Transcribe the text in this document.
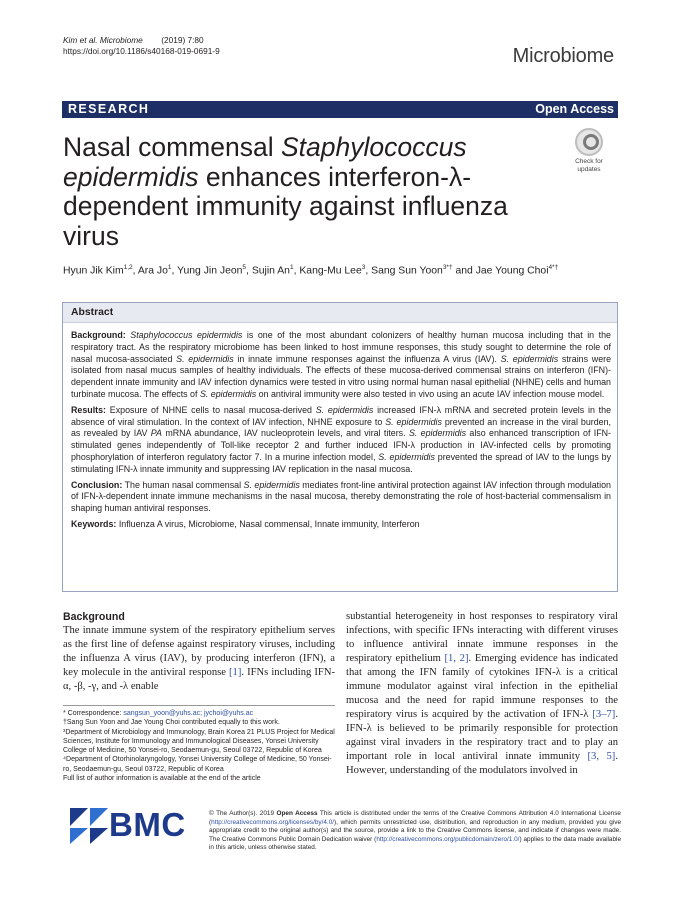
Kim et al. Microbiome (2019) 7:80
https://doi.org/10.1186/s40168-019-0691-9	Microbiome
RESEARCH	Open Access
Nasal commensal Staphylococcus epidermidis enhances interferon-λ-dependent immunity against influenza virus
Check for
updates
Hyun Jik Kim$^{1,2}$, Ara Jo$^1$, Yung Jin Jeon$^5$, Sujin An$^1$, Kang-Mu Lee$^3$, Sang Sun Yoon$^{3*\dagger}$ and Jae Young Choi$^{4*\dagger}$
Abstract

Background: Staphylococcus epidermidis is one of the most abundant colonizers of healthy human mucosa including that in the respiratory tract. As the respiratory microbiome has been linked to host immune responses, this study sought to determine the role of nasal mucosa-associated S. epidermidis in innate immune responses against the influenza A virus (IAV). S. epidermidis strains were isolated from nasal mucus samples of healthy individuals. The effects of these mucosa-derived commensal strains on interferon (IFN)-dependent innate immunity and IAV infection dynamics were tested in vitro using normal human nasal epithelial (NHNE) cells and human turbinate mucosa. The effects of S. epidermidis on antiviral immunity were also tested in vivo using an acute IAV infection mouse model.

Results: Exposure of NHNE cells to nasal mucosa-derived S. epidermidis increased IFN-λ mRNA and secreted protein levels in the absence of viral stimulation. In the context of IAV infection, NHNE exposure to S. epidermidis prevented an increase in the viral burden, as revealed by IAV PA mRNA abundance, IAV nucleoprotein levels, and viral titers. S. epidermidis also enhanced transcription of IFN-stimulated genes independently of Toll-like receptor 2 and further induced IFN-λ production in IAV-infected cells by promoting phosphorylation of interferon regulatory factor 7. In a murine infection model, S. epidermidis prevented the spread of IAV to the lungs by stimulating IFN-λ innate immunity and suppressing IAV replication in the nasal mucosa.

Conclusion: The human nasal commensal S. epidermidis mediates front-line antiviral protection against IAV infection through modulation of IFN-λ-dependent innate immune mechanisms in the nasal mucosa, thereby demonstrating the role of host-bacterial commensalism in shaping human antiviral responses.

Keywords: Influenza A virus, Microbiome, Nasal commensal, Innate immunity, Interferon

Background
The innate immune system of the respiratory epithelium serves as the first line of defense against respiratory viruses, including the influenza A virus (IAV), by producing interferon (IFN), a key molecule in the antiviral response [1]. IFNs including IFN-α, -β, -γ, and -λ enable
substantial heterogeneity in host responses to respiratory viral infections, with specific IFNs interacting with different viruses to influence antiviral innate immune responses in the respiratory epithelium [1, 2]. Emerging evidence has indicated that among the IFN family of cytokines IFN-λ is a critical immune modulator against viral infection in the epithelial mucosa and the need for rapid immune responses to the respiratory virus is acquired by the activation of IFN-λ [3–7]. IFN-λ is believed to be primarily responsible for protection against viral invaders in the respiratory tract and to play an important role in local antiviral innate immunity [3, 5]. However, understanding of the modulators involved in
* Correspondence: sangsun_yoon@yuhs.ac; jychoi@yuhs.ac
†Sang Sun Yoon and Jae Young Choi contributed equally to this work.
³Department of Microbiology and Immunology, Brain Korea 21 PLUS Project for Medical Sciences, Institute for Immunology and Immunological Diseases, Yonsei University College of Medicine, 50 Yonsei-ro, Seodaemun-gu, Seoul 03722, Republic of Korea
⁴Department of Otorhinolaryngology, Yonsei University College of Medicine, 50 Yonsei-ro, Seodaemun-gu, Seoul 03722, Republic of Korea
Full list of author information is available at the end of the article
BMC	© The Author(s). 2019 Open Access This article is distributed under the terms of the Creative Commons Attribution 4.0 International License (http://creativecommons.org/licenses/by/4.0/), which permits unrestricted use, distribution, and reproduction in any medium, provided you give appropriate credit to the original author(s) and the source, provide a link to the Creative Commons license, and indicate if changes were made. The Creative Commons Public Domain Dedication waiver (http://creativecommons.org/publicdomain/zero/1.0/) applies to the data made available in this article, unless otherwise stated.
